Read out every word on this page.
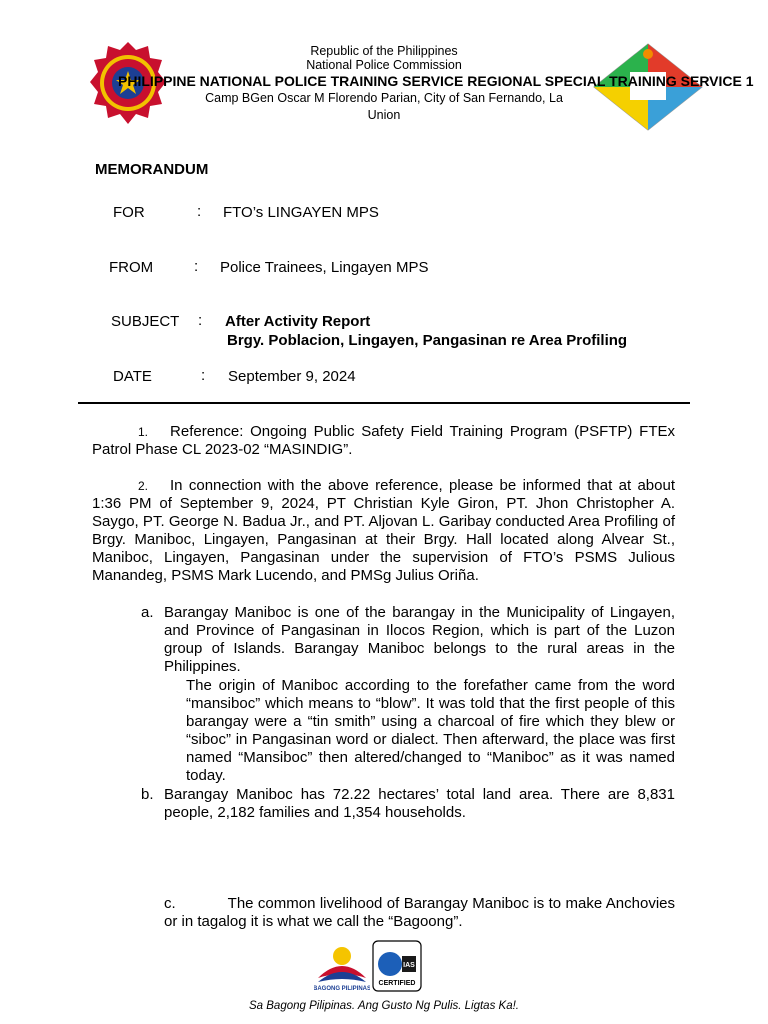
Republic of the Philippines
National Police Commission
PHILIPPINE NATIONAL POLICE TRAINING SERVICE REGIONAL SPECIAL TRAINING SERVICE 1
Camp BGen Oscar M Florendo Parian, City of San Fernando, La
Union
MEMORANDUM
FOR	: FTO’s LINGAYEN MPS
FROM	: Police Trainees, Lingayen MPS
SUBJECT : After Activity Report
Brgy. Poblacion, Lingayen, Pangasinan re Area Profiling
DATE	: September 9, 2024
1. Reference: Ongoing Public Safety Field Training Program (PSFTP) FTEx Patrol Phase CL 2023-02 “MASINDIG”.
2. In connection with the above reference, please be informed that at about 1:36 PM of September 9, 2024, PT Christian Kyle Giron, PT. Jhon Christopher A. Saygo, PT. George N. Badua Jr., and PT. Aljovan L. Garibay conducted Area Profiling of Brgy. Maniboc, Lingayen, Pangasinan at their Brgy. Hall located along Alvear St., Maniboc, Lingayen, Pangasinan under the supervision of FTO’s PSMS Julious Manandeg, PSMS Mark Lucendo, and PMSg Julius Oriña.
a. Barangay Maniboc is one of the barangay in the Municipality of Lingayen, and Province of Pangasinan in Ilocos Region, which is part of the Luzon group of Islands. Barangay Maniboc belongs to the rural areas in the Philippines.
The origin of Maniboc according to the forefather came from the word “mansiboc” which means to “blow”. It was told that the first people of this barangay were a “tin smith” using a charcoal of fire which they blew or “siboc” in Pangasinan word or dialect. Then afterward, the place was first named “Mansiboc” then altered/changed to “Maniboc” as it was named today.
b. Barangay Maniboc has 72.22 hectares’ total land area. There are 8,831 people, 2,182 families and 1,354 households.
c.	The common livelihood of Barangay Maniboc is to make Anchovies or in tagalog it is what we call the “Bagoong”.
BAGONG PILIPINAS
IAS
CERTIFIED
Sa Bagong Pilipinas. Ang Gusto Ng Pulis. Ligtas Ka!.
